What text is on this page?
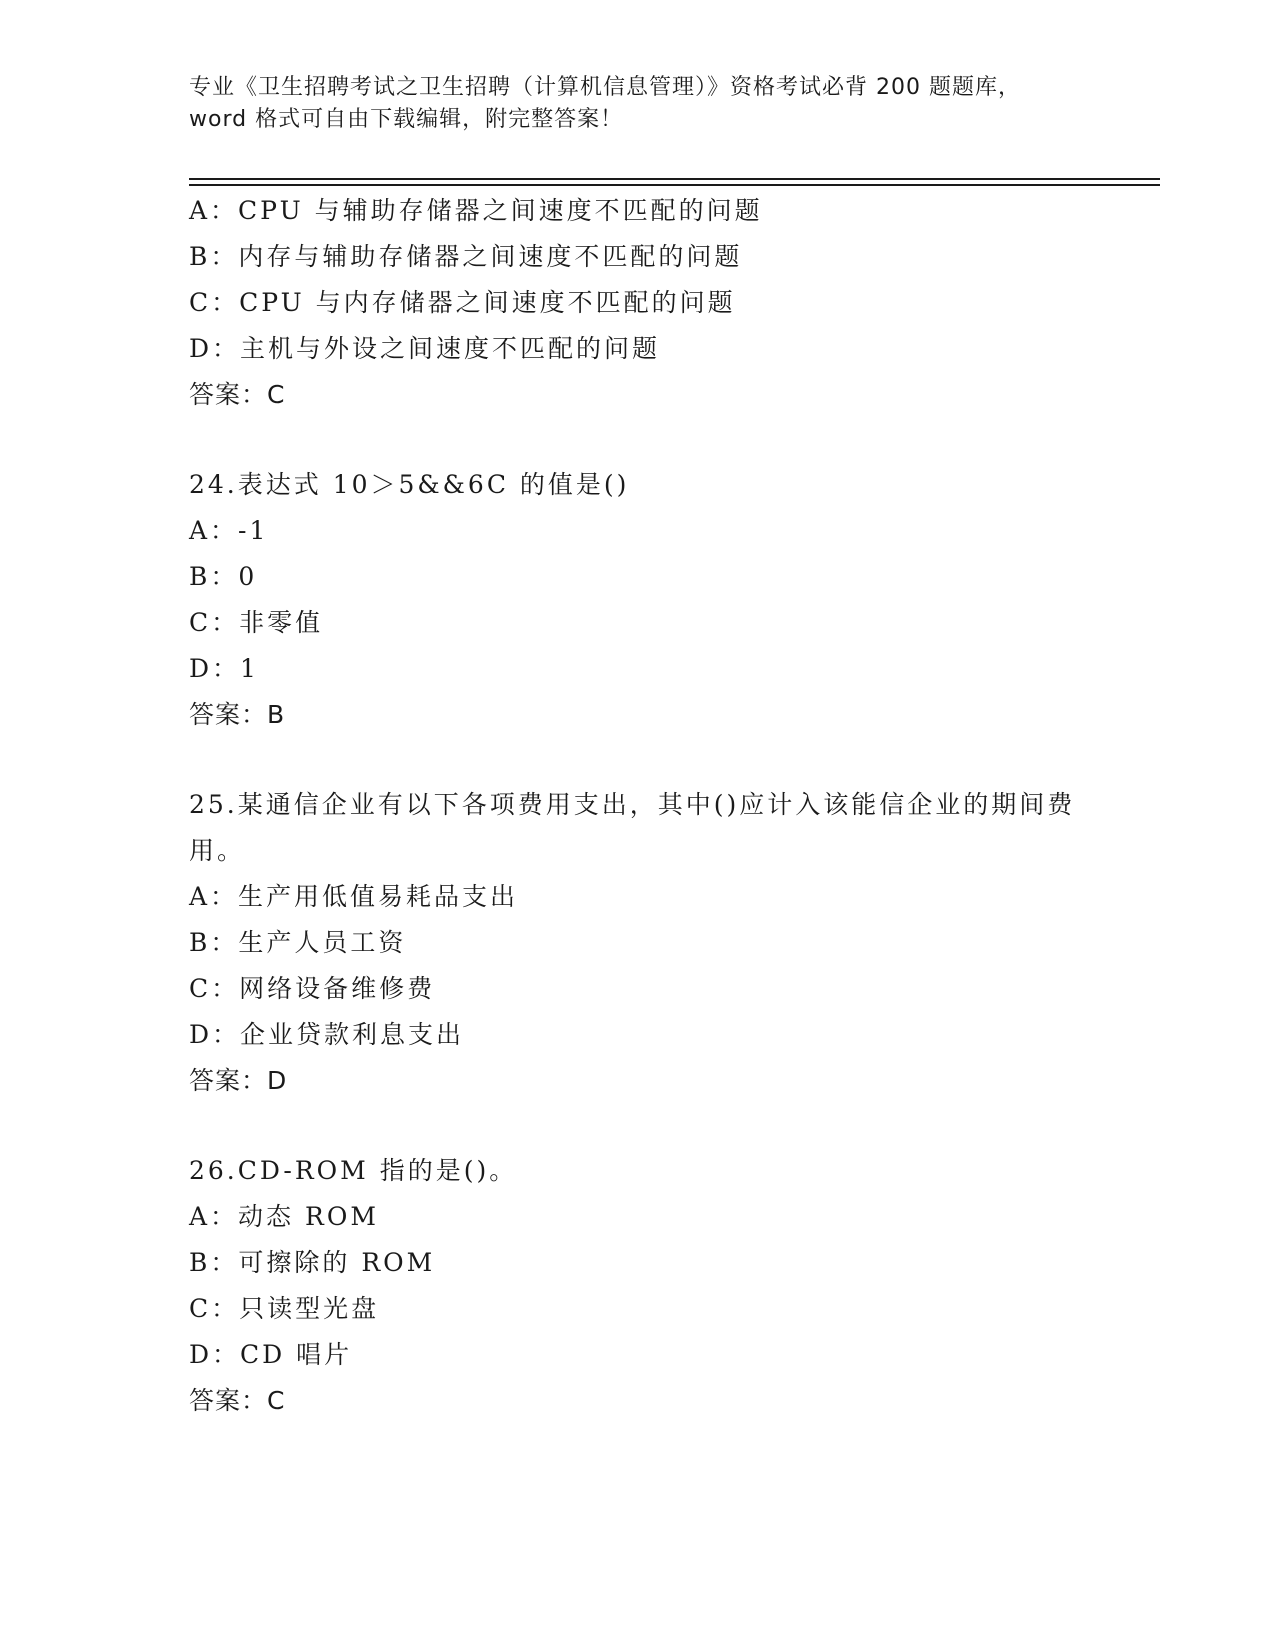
专业《卫生招聘考试之卫生招聘（计算机信息管理）》资格考试必背 200 题题库，
word 格式可自由下载编辑，附完整答案！
A：CPU 与辅助存储器之间速度不匹配的问题
B：内存与辅助存储器之间速度不匹配的问题
C：CPU 与内存储器之间速度不匹配的问题
D：主机与外设之间速度不匹配的问题
答案：C
24.表达式 10＞5&&6C 的值是()
A：-1
B：0
C：非零值
D：1
答案：B
25.某通信企业有以下各项费用支出，其中()应计入该能信企业的期间费用。
A：生产用低值易耗品支出
B：生产人员工资
C：网络设备维修费
D：企业贷款利息支出
答案：D
26.CD-ROM 指的是()。
A：动态 ROM
B：可擦除的 ROM
C：只读型光盘
D：CD 唱片
答案：C
